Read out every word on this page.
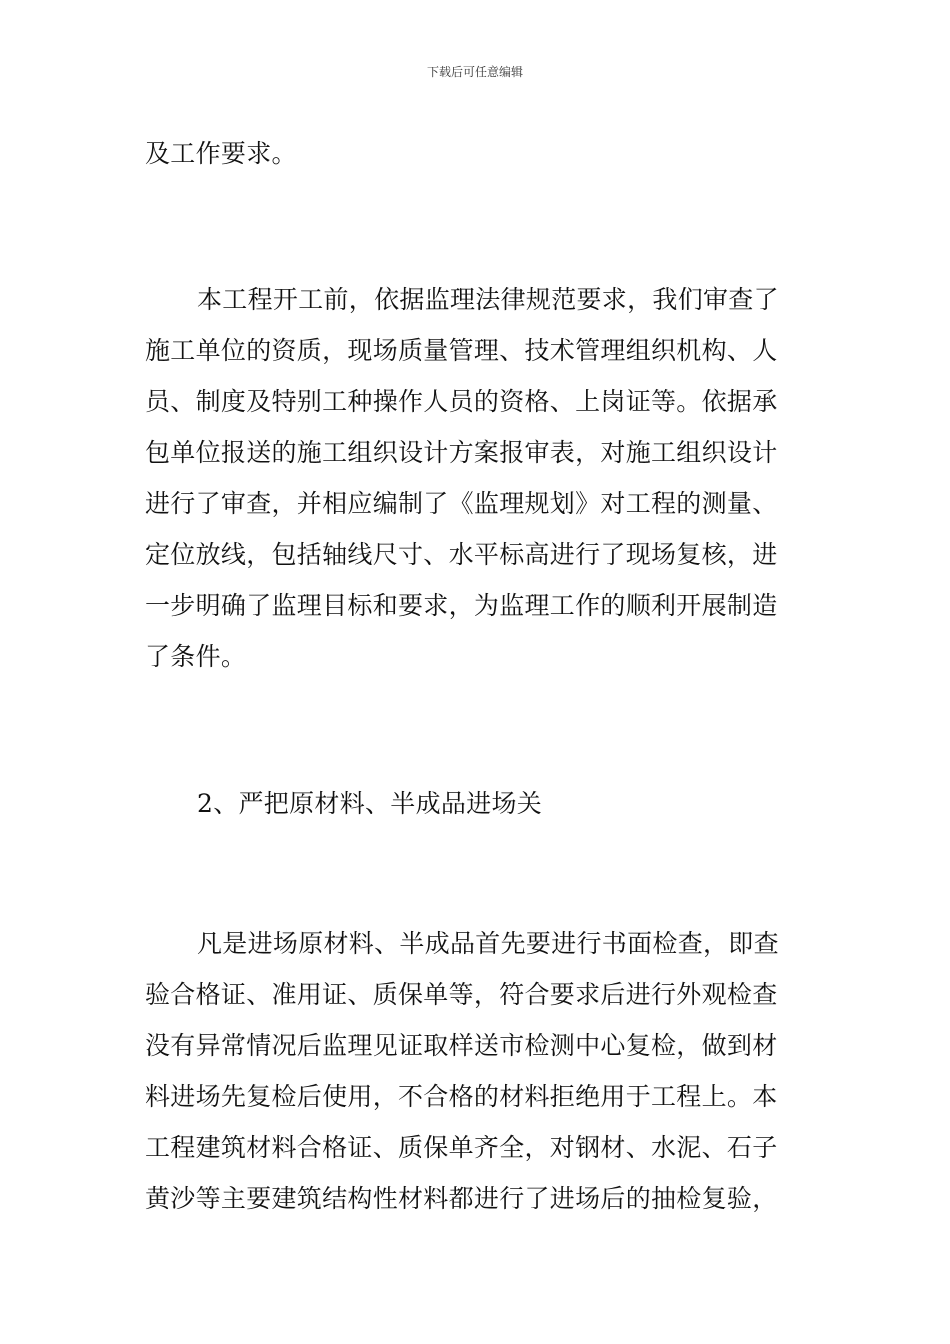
下载后可任意编辑
及工作要求。
本工程开工前，依据监理法律规范要求，我们审查了
施工单位的资质，现场质量管理、技术管理组织机构、人
员、制度及特别工种操作人员的资格、上岗证等。依据承
包单位报送的施工组织设计方案报审表，对施工组织设计
进行了审查，并相应编制了《监理规划》对工程的测量、
定位放线，包括轴线尺寸、水平标高进行了现场复核，进
一步明确了监理目标和要求，为监理工作的顺利开展制造
了条件。
2、严把原材料、半成品进场关
凡是进场原材料、半成品首先要进行书面检查，即查
验合格证、准用证、质保单等，符合要求后进行外观检查
没有异常情况后监理见证取样送市检测中心复检，做到材
料进场先复检后使用，不合格的材料拒绝用于工程上。本
工程建筑材料合格证、质保单齐全，对钢材、水泥、石子
黄沙等主要建筑结构性材料都进行了进场后的抽检复验，
